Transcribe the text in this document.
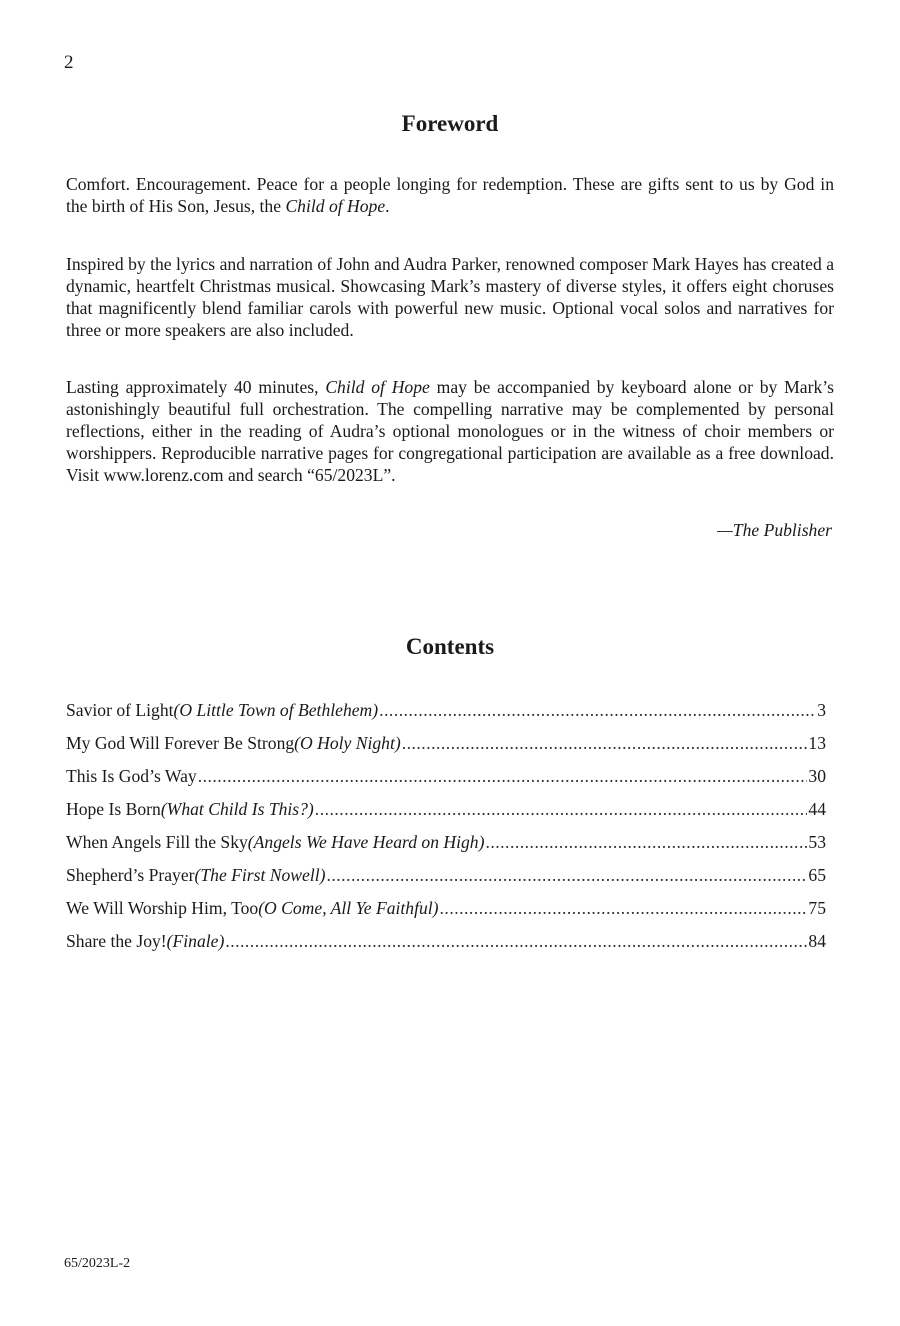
2
Foreword

Comfort. Encouragement. Peace for a people longing for redemption. These are gifts sent to us by God in the birth of His Son, Jesus, the Child of Hope.

Inspired by the lyrics and narration of John and Audra Parker, renowned composer Mark Hayes has created a dynamic, heartfelt Christmas musical. Showcasing Mark’s mastery of diverse styles, it offers eight choruses that magnificently blend familiar carols with powerful new music. Optional vocal solos and narratives for three or more speakers are also included.

Lasting approximately 40 minutes, Child of Hope may be accompanied by keyboard alone or by Mark’s astonishingly beautiful full orchestration. The compelling narrative may be complemented by personal reflections, either in the reading of Audra’s optional monologues or in the witness of choir members or worshippers. Reproducible narrative pages for congregational participation are available as a free download. Visit www.lorenz.com and search “65/2023L”.

—The Publisher
Contents
Savior of Light (O Little Town of Bethlehem) .....	3
My God Will Forever Be Strong (O Holy Night) .....	13
This Is God’s Way .....	30
Hope Is Born (What Child Is This?) .....	44
When Angels Fill the Sky (Angels We Have Heard on High) .....	53
Shepherd’s Prayer (The First Nowell) .....	65
We Will Worship Him, Too (O Come, All Ye Faithful) .....	75
Share the Joy! (Finale) .....	84
65/2023L-2
